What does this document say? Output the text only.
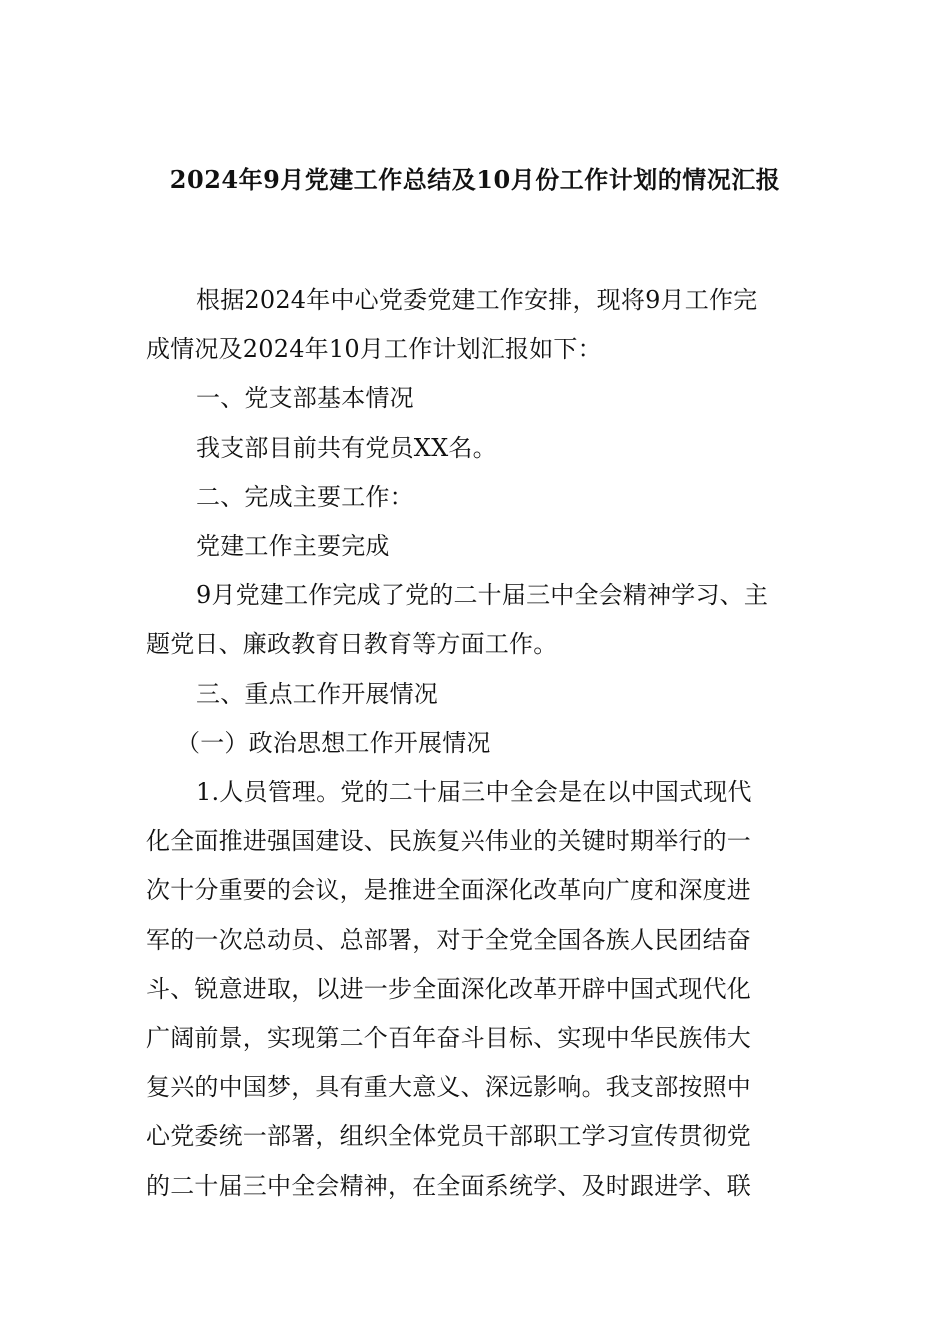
2024年9月党建工作总结及10月份工作计划的情况汇报

根据2024年中心党委党建工作安排，现将9月工作完

成情况及2024年10月工作计划汇报如下：

一、党支部基本情况

我支部目前共有党员XX名。

二、完成主要工作：

党建工作主要完成

9月党建工作完成了党的二十届三中全会精神学习、主

题党日、廉政教育日教育等方面工作。

三、重点工作开展情况

（一）政治思想工作开展情况

1.人员管理。党的二十届三中全会是在以中国式现代

化全面推进强国建设、民族复兴伟业的关键时期举行的一

次十分重要的会议，是推进全面深化改革向广度和深度进

军的一次总动员、总部署，对于全党全国各族人民团结奋

斗、锐意进取，以进一步全面深化改革开辟中国式现代化

广阔前景，实现第二个百年奋斗目标、实现中华民族伟大

复兴的中国梦，具有重大意义、深远影响。我支部按照中

心党委统一部署，组织全体党员干部职工学习宣传贯彻党

的二十届三中全会精神，在全面系统学、及时跟进学、联
